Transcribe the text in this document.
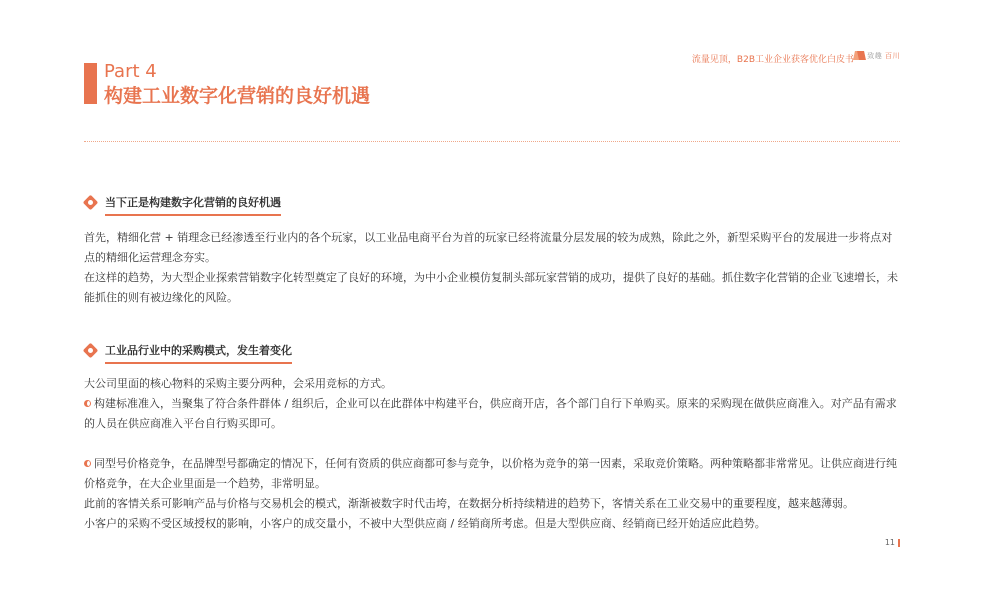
流量见顶，B2B工业企业获客优化白皮书 致趣 百川
Part 4
构建工业数字化营销的良好机遇
当下正是构建数字化营销的良好机遇

首先，精细化营 + 销理念已经渗透至行业内的各个玩家，以工业品电商平台为首的玩家已经将流量分层发展的较为成熟，除此之外，新型采购平台的发展进一步将点对点的精细化运营理念夯实。

在这样的趋势，为大型企业探索营销数字化转型奠定了良好的环境，为中小企业模仿复制头部玩家营销的成功，提供了良好的基础。抓住数字化营销的企业飞速增长，未能抓住的则有被边缘化的风险。

工业品行业中的采购模式，发生着变化

大公司里面的核心物料的采购主要分两种，会采用竞标的方式。

构建标准准入，当聚集了符合条件群体 / 组织后，企业可以在此群体中构建平台，供应商开店，各个部门自行下单购买。原来的采购现在做供应商准入。对产品有需求的人员在供应商准入平台自行购买即可。

同型号价格竞争，在品牌型号都确定的情况下，任何有资质的供应商都可参与竞争，以价格为竞争的第一因素，采取竞价策略。两种策略都非常常见。让供应商进行纯价格竞争，在大企业里面是一个趋势，非常明显。

此前的客情关系可影响产品与价格与交易机会的模式，渐渐被数字时代击垮，在数据分析持续精进的趋势下，客情关系在工业交易中的重要程度，越来越薄弱。

小客户的采购不受区域授权的影响，小客户的成交量小，不被中大型供应商 / 经销商所考虑。但是大型供应商、经销商已经开始适应此趋势。

11
